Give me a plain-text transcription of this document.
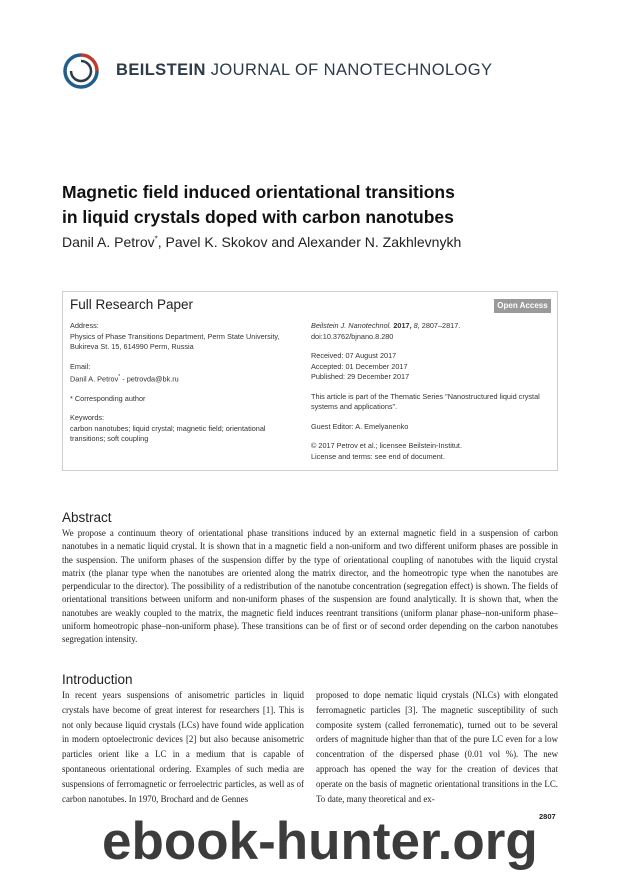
BEILSTEIN JOURNAL OF NANOTECHNOLOGY
Magnetic field induced orientational transitions
in liquid crystals doped with carbon nanotubes
Danil A. Petrov*, Pavel K. Skokov and Alexander N. Zakhlevnykh
Full Research Paper	Open Access
Address:
Physics of Phase Transitions Department, Perm State University,
Bukireva St. 15, 614990 Perm, Russia
Email:
Danil A. Petrov* - petrovda@bk.ru
* Corresponding author
Keywords:
carbon nanotubes; liquid crystal; magnetic field; orientational transitions; soft coupling
Beilstein J. Nanotechnol. 2017, 8, 2807–2817.
doi:10.3762/bjnano.8.280
Received: 07 August 2017
Accepted: 01 December 2017
Published: 29 December 2017
This article is part of the Thematic Series "Nanostructured liquid crystal systems and applications".
Guest Editor: A. Emelyanenko
© 2017 Petrov et al.; licensee Beilstein-Institut.
License and terms: see end of document.
Abstract

We propose a continuum theory of orientational phase transitions induced by an external magnetic field in a suspension of carbon nanotubes in a nematic liquid crystal. It is shown that in a magnetic field a non-uniform and two different uniform phases are possible in the suspension. The uniform phases of the suspension differ by the type of orientational coupling of nanotubes with the liquid crystal matrix (the planar type when the nanotubes are oriented along the matrix director, and the homeotropic type when the nanotubes are perpendicular to the director). The possibility of a redistribution of the nanotube concentration (segregation effect) is shown. The fields of orientational transitions between uniform and non-uniform phases of the suspension are found analytically. It is shown that, when the nanotubes are weakly coupled to the matrix, the magnetic field induces reentrant transitions (uniform planar phase–non-uniform phase–uniform homeotropic phase–non-uniform phase). These transitions can be of first or of second order depending on the carbon nanotubes segregation intensity.

Introduction

In recent years suspensions of anisometric particles in liquid crystals have become of great interest for researchers [1]. This is not only because liquid crystals (LCs) have found wide application in modern optoelectronic devices [2] but also because anisometric particles orient like a LC in a medium that is capable of spontaneous orientational ordering. Examples of such media are suspensions of ferromagnetic or ferroelectric particles, as well as of carbon nanotubes. In 1970, Brochard and de Gennes

proposed to dope nematic liquid crystals (NLCs) with elongated ferromagnetic particles [3]. The magnetic susceptibility of such composite system (called ferronematic), turned out to be several orders of magnitude higher than that of the pure LC even for a low concentration of the dispersed phase (0.01 vol %). The new approach has opened the way for the creation of devices that operate on the basis of magnetic orientational transitions in the LC. To date, many theoretical and ex-

2807
ebook-hunter.org
